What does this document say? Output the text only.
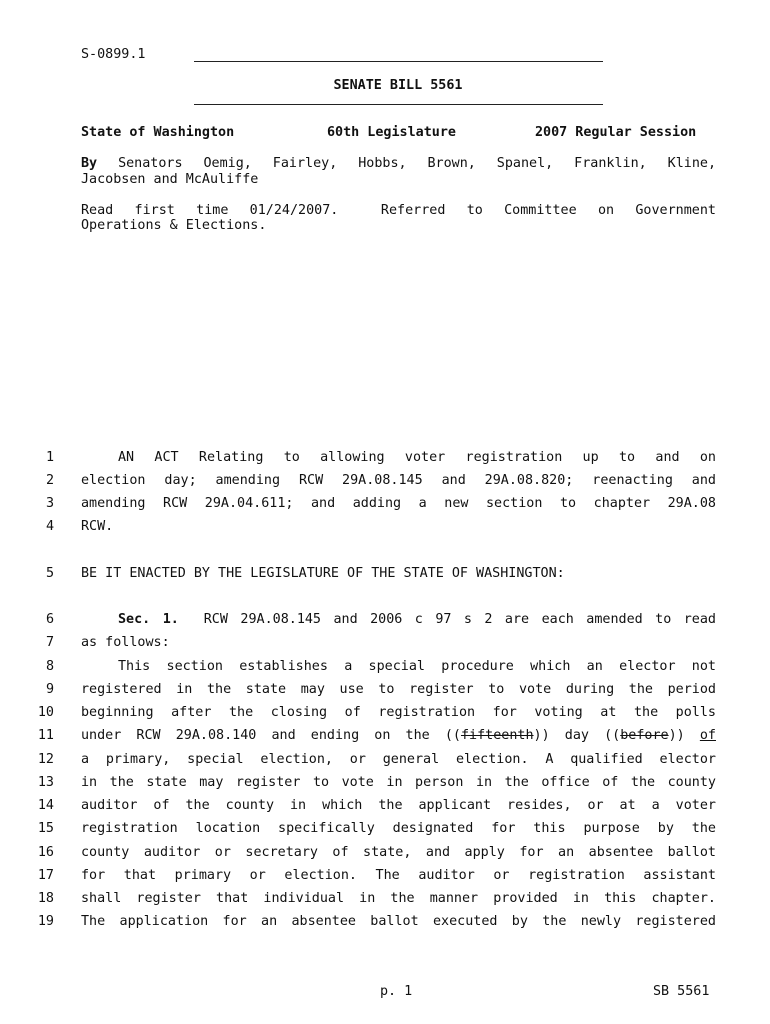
S-0899.1
SENATE BILL 5561
State of Washington	60th Legislature	2007 Regular Session
By Senators Oemig, Fairley, Hobbs, Brown, Spanel, Franklin, Kline,
Jacobsen and McAuliffe
Read first time 01/24/2007.  Referred to Committee on Government
Operations & Elections.
1	AN ACT Relating to allowing voter registration up to and on
2 election day; amending RCW 29A.08.145 and 29A.08.820; reenacting and
3 amending RCW 29A.04.611; and adding a new section to chapter 29A.08
4 RCW.
5 BE IT ENACTED BY THE LEGISLATURE OF THE STATE OF WASHINGTON:
6	Sec. 1.  RCW 29A.08.145 and 2006 c 97 s 2 are each amended to read
7 as follows:
8	This section establishes a special procedure which an elector not
9 registered in the state may use to register to vote during the period
10 beginning after the closing of registration for voting at the polls
11 under RCW 29A.08.140 and ending on the ((fifteenth)) day ((before)) of
12 a primary, special election, or general election. A qualified elector
13 in the state may register to vote in person in the office of the county
14 auditor of the county in which the applicant resides, or at a voter
15 registration location specifically designated for this purpose by the
16 county auditor or secretary of state, and apply for an absentee ballot
17 for that primary or election. The auditor or registration assistant
18 shall register that individual in the manner provided in this chapter.
19 The application for an absentee ballot executed by the newly registered
p. 1	SB 5561
